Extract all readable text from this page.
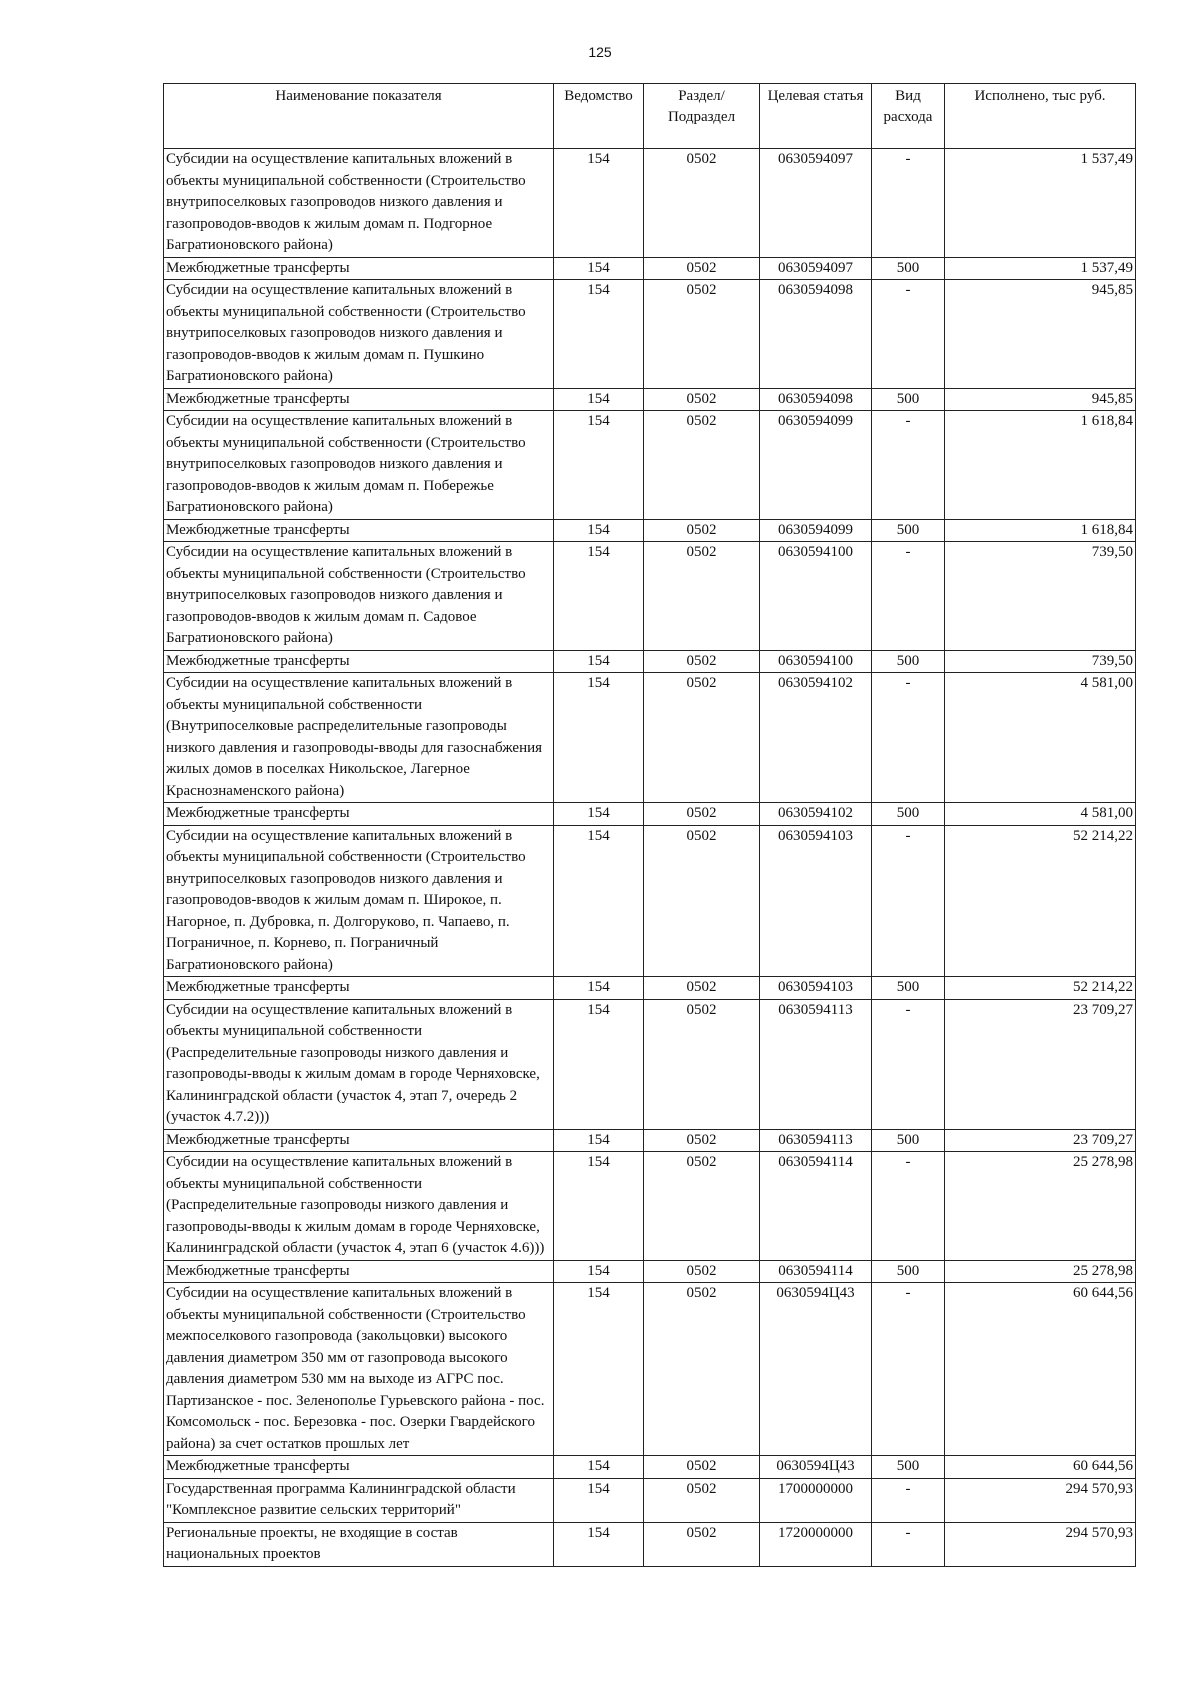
125
Наименование показателя	Ведомство	Раздел/ Подраздел	Целевая статья	Вид расхода	Исполнено, тыс руб.
Субсидии на осуществление капитальных вложений в объекты муниципальной собственности (Строительство внутрипоселковых газопроводов низкого давления и газопроводов-вводов к жилым домам п. Подгорное Багратионовского района)	154	0502	0630594097	-	1 537,49
Межбюджетные трансферты	154	0502	0630594097	500	1 537,49
Субсидии на осуществление капитальных вложений в объекты муниципальной собственности (Строительство внутрипоселковых газопроводов низкого давления и газопроводов-вводов к жилым домам п. Пушкино Багратионовского района)	154	0502	0630594098	-	945,85
Межбюджетные трансферты	154	0502	0630594098	500	945,85
Субсидии на осуществление капитальных вложений в объекты муниципальной собственности (Строительство внутрипоселковых газопроводов низкого давления и газопроводов-вводов к жилым домам п. Побережье Багратионовского района)	154	0502	0630594099	-	1 618,84
Межбюджетные трансферты	154	0502	0630594099	500	1 618,84
Субсидии на осуществление капитальных вложений в объекты муниципальной собственности (Строительство внутрипоселковых газопроводов низкого давления и газопроводов-вводов к жилым домам п. Садовое Багратионовского района)	154	0502	0630594100	-	739,50
Межбюджетные трансферты	154	0502	0630594100	500	739,50
Субсидии на осуществление капитальных вложений в объекты муниципальной собственности (Внутрипоселковые распределительные газопроводы низкого давления и газопроводы-вводы для газоснабжения жилых домов в поселках Никольское, Лагерное Краснознаменского района)	154	0502	0630594102	-	4 581,00
Межбюджетные трансферты	154	0502	0630594102	500	4 581,00
Субсидии на осуществление капитальных вложений в объекты муниципальной собственности (Строительство внутрипоселковых газопроводов низкого давления и газопроводов-вводов к жилым домам п. Широкое, п. Нагорное, п. Дубровка, п. Долгоруково, п. Чапаево, п. Пограничное, п. Корнево, п. Пограничный Багратионовского района)	154	0502	0630594103	-	52 214,22
Межбюджетные трансферты	154	0502	0630594103	500	52 214,22
Субсидии на осуществление капитальных вложений в объекты муниципальной собственности (Распределительные газопроводы низкого давления и газопроводы-вводы к жилым домам в городе Черняховске, Калининградской области (участок 4, этап 7, очередь 2 (участок 4.7.2)))	154	0502	0630594113	-	23 709,27
Межбюджетные трансферты	154	0502	0630594113	500	23 709,27
Субсидии на осуществление капитальных вложений в объекты муниципальной собственности (Распределительные газопроводы низкого давления и газопроводы-вводы к жилым домам в городе Черняховске, Калининградской области (участок 4, этап 6 (участок 4.6)))	154	0502	0630594114	-	25 278,98
Межбюджетные трансферты	154	0502	0630594114	500	25 278,98
Субсидии на осуществление капитальных вложений в объекты муниципальной собственности (Строительство межпоселкового газопровода (закольцовки) высокого давления диаметром 350 мм от газопровода высокого давления диаметром 530 мм на выходе из АГРС пос. Партизанское - пос. Зеленополье Гурьевского района - пос. Комсомольск - пос. Березовка - пос. Озерки Гвардейского района) за счет остатков прошлых лет	154	0502	0630594Ц43	-	60 644,56
Межбюджетные трансферты	154	0502	0630594Ц43	500	60 644,56
Государственная программа Калининградской области "Комплексное развитие сельских территорий"	154	0502	1700000000	-	294 570,93
Региональные проекты, не входящие в состав национальных проектов	154	0502	1720000000	-	294 570,93
